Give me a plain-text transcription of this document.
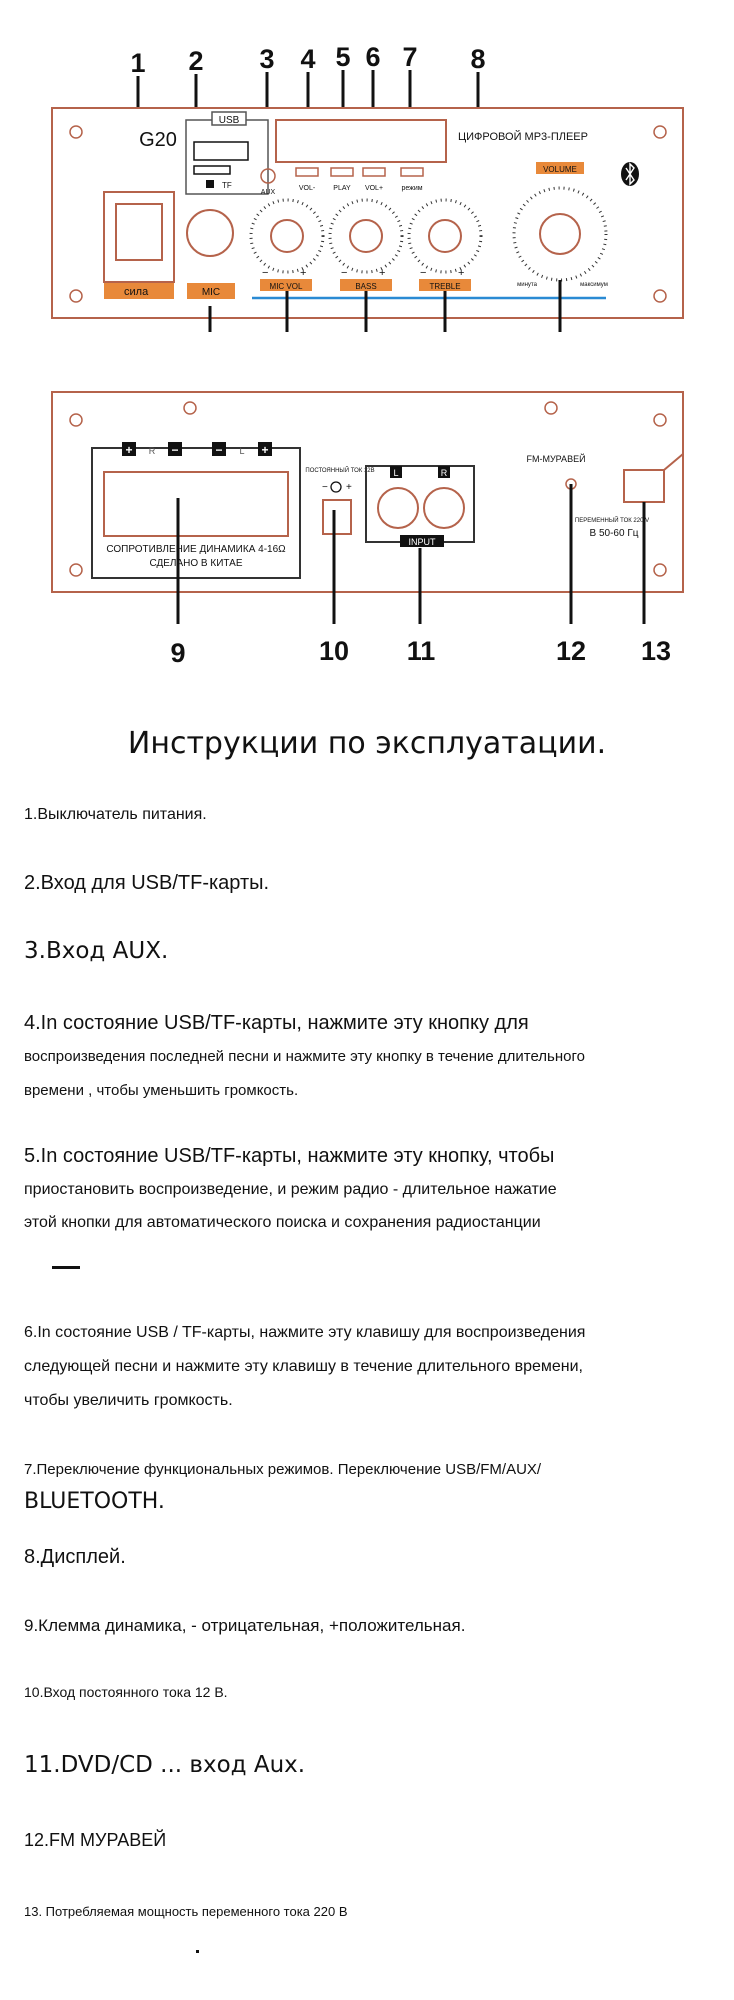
1 2 3 4 5 6 7 8
G20
сила	MIC
USB
TF
AUX
ЦИФРОВОЙ MP3-ПЛЕЕР
VOL-	PLAY VOL+	режим
−	+	−	+	−	+
MIC VOL	BASS	TREBLE
VOLUME
минута	максимум
+	−	−	+
R	L
СОПРОТИВЛЕНИЕ ДИНАМИКА 4-16Ω
СДЕЛАНО В КИТАЕ
ПОСТОЯННЫЙ ТОК 12В
− +
L	R
INPUT
FM-МУРАВЕЙ
ПЕРЕМЕННЫЙ ТОК 220 V
В 50-60 Гц
9	10 11	12 13
Инструкции по эксплуатации.
1.Выключатель питания.
2.Вход для USB/TF-карты.
3.Вход AUX.
4.In состояние USB/TF-карты, нажмите эту кнопку для
воспроизведения последней песни и нажмите эту кнопку в течение длительного
времени , чтобы уменьшить громкость.
5.In состояние USB/TF-карты, нажмите эту кнопку, чтобы
приостановить воспроизведение, и режим радио - длительное нажатие
этой кнопки для автоматического поиска и сохранения радиостанции
6.In состояние USB / TF-карты, нажмите эту клавишу для воспроизведения
следующей песни и нажмите эту клавишу в течение длительного времени,
чтобы увеличить громкость.
7.Переключение функциональных режимов. Переключение USB/FM/AUX/
BLUETOOTH.
8.Дисплей.
9.Клемма динамика, - отрицательная, +положительная.
10.Вход постоянного тока 12 В.
11.DVD/CD ... вход Aux.
12.FM МУРАВЕЙ
13. Потребляемая мощность переменного тока 220 В
